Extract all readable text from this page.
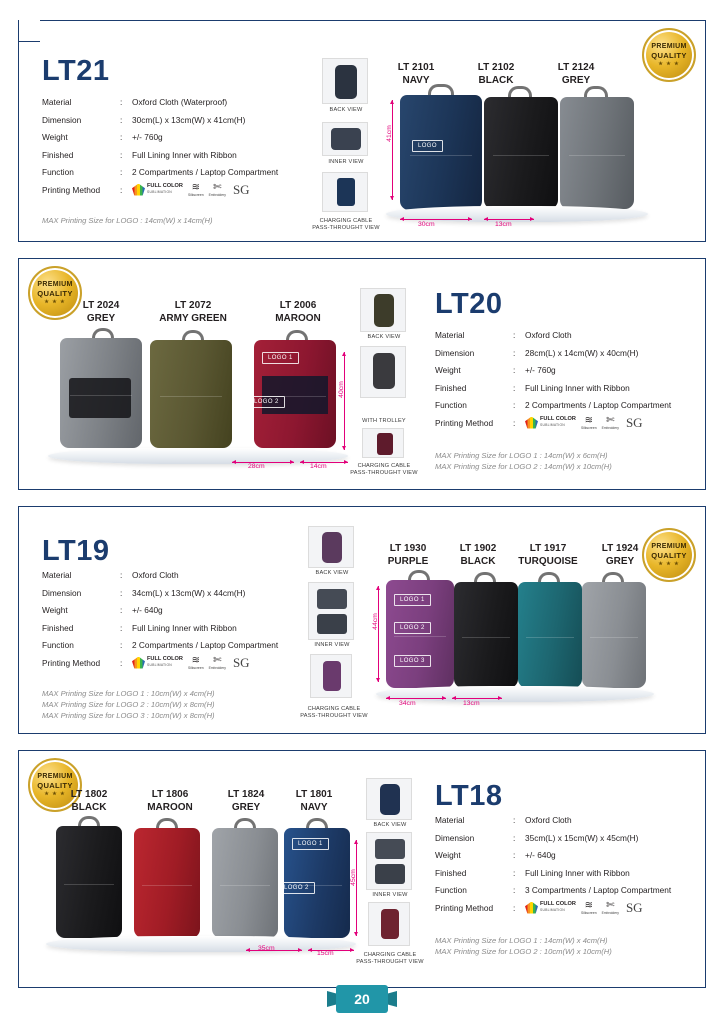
LT21
Material	:	Oxford Cloth (Waterproof)
Dimension	:	30cm(L) x 13cm(W) x 41cm(H)
Weight	:	+/- 760g
Finished	:	Full Lining Inner with Ribbon
Function	:	2 Compartments / Laptop Compartment
Printing Method	:	FULL COLOR
SUBLIMATION	≋
Silkscreen
✄
Embroidery SG
MAX Printing Size for LOGO : 14cm(W) x 14cm(H)
PREMIUM
QUALITY
★ ★ ★
BACK VIEW
INNER VIEW
CHARGING CABLE
PASS-THROUGHT VIEW
LT 2101
NAVY
LT 2102
BLACK
LT 2124
GREY
LOGO
41cm
30cm	13cm
LT20
Material	:	Oxford Cloth
Dimension	:	28cm(L) x 14cm(W) x 40cm(H)
Weight	:	+/- 760g
Finished	:	Full Lining Inner with Ribbon
Function	:	2 Compartments / Laptop Compartment
Printing Method	:	FULL COLOR
SUBLIMATION	≋
Silkscreen
✄
Embroidery SG
MAX Printing Size for LOGO 1 : 14cm(W) x 6cm(H)
MAX Printing Size for LOGO 2 : 14cm(W) x 10cm(H)
PREMIUM
QUALITY
★ ★ ★	LT 2024
GREY
LT 2072
ARMY GREEN
LT 2006
MAROON
LOGO 1
LOGO 2
28cm	14cm
40cm
BACK VIEW
WITH TROLLEY
CHARGING CABLE
PASS-THROUGHT VIEW
LT19
Material	:	Oxford Cloth
Dimension	:	34cm(L) x 13cm(W) x 44cm(H)
Weight	:	+/- 640g
Finished	:	Full Lining Inner with Ribbon
Function	:	2 Compartments / Laptop Compartment
Printing Method	:	FULL COLOR
SUBLIMATION	≋
Silkscreen
✄
Embroidery SG
MAX Printing Size for LOGO 1 : 10cm(W) x 4cm(H)
MAX Printing Size for LOGO 2 : 10cm(W) x 8cm(H)
MAX Printing Size for LOGO 3 : 10cm(W) x 8cm(H)
PREMIUM
QUALITY
★ ★ ★
BACK VIEW
INNER VIEW
CHARGING CABLE
PASS-THROUGHT VIEW
LT 1930
PURPLE
LT 1902
BLACK
LT 1917
TURQUOISE
LT 1924
GREY
LOGO 1
LOGO 2
LOGO 3
44cm
34cm	13cm
LT18
Material	:	Oxford Cloth
Dimension	:	35cm(L) x 15cm(W) x 45cm(H)
Weight	:	+/- 640g
Finished	:	Full Lining Inner with Ribbon
Function	:	3 Compartments / Laptop Compartment
Printing Method	:	FULL COLOR
SUBLIMATION	≋
Silkscreen
✄
Embroidery SG
MAX Printing Size for LOGO 1 : 14cm(W) x 4cm(H)
MAX Printing Size for LOGO 2 : 10cm(W) x 10cm(H)
PREMIUM
QUALITY
★ ★ ★ LT 1802
BLACK
LT 1806
MAROON
LT 1824
GREY
LT 1801
NAVY
LOGO 1
LOGO 2
35cm
15cm
45cm
BACK VIEW
INNER VIEW
CHARGING CABLE
PASS-THROUGHT VIEW
20
